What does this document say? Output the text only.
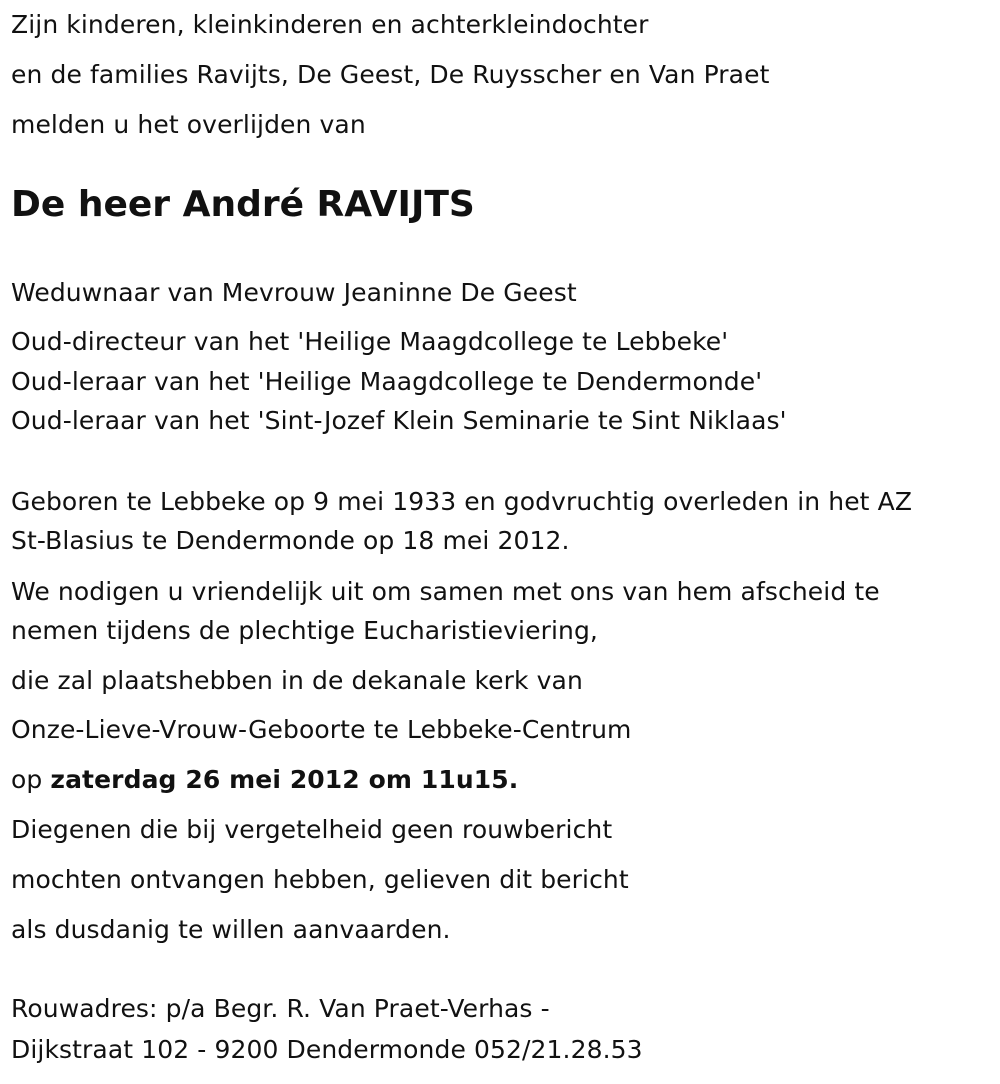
Zijn kinderen, kleinkinderen en achterkleindochter
en de families Ravijts, De Geest, De Ruysscher en Van Praet
melden u het overlijden van
De heer André RAVIJTS
Weduwnaar van Mevrouw Jeaninne De Geest
Oud-directeur van het 'Heilige Maagdcollege te Lebbeke'
Oud-leraar van het 'Heilige Maagdcollege te Dendermonde'
Oud-leraar van het 'Sint-Jozef Klein Seminarie te Sint Niklaas'
Geboren te Lebbeke op 9 mei 1933 en godvruchtig overleden in het AZ
St-Blasius te Dendermonde op 18 mei 2012.
We nodigen u vriendelijk uit om samen met ons van hem afscheid te
nemen tijdens de plechtige Eucharistieviering,
die zal plaatshebben in de dekanale kerk van
Onze-Lieve-Vrouw-Geboorte te Lebbeke-Centrum
op zaterdag 26 mei 2012 om 11u15.
Diegenen die bij vergetelheid geen rouwbericht
mochten ontvangen hebben, gelieven dit bericht
als dusdanig te willen aanvaarden.
Rouwadres: p/a Begr. R. Van Praet-Verhas -
Dijkstraat 102 - 9200 Dendermonde 052/21.28.53
